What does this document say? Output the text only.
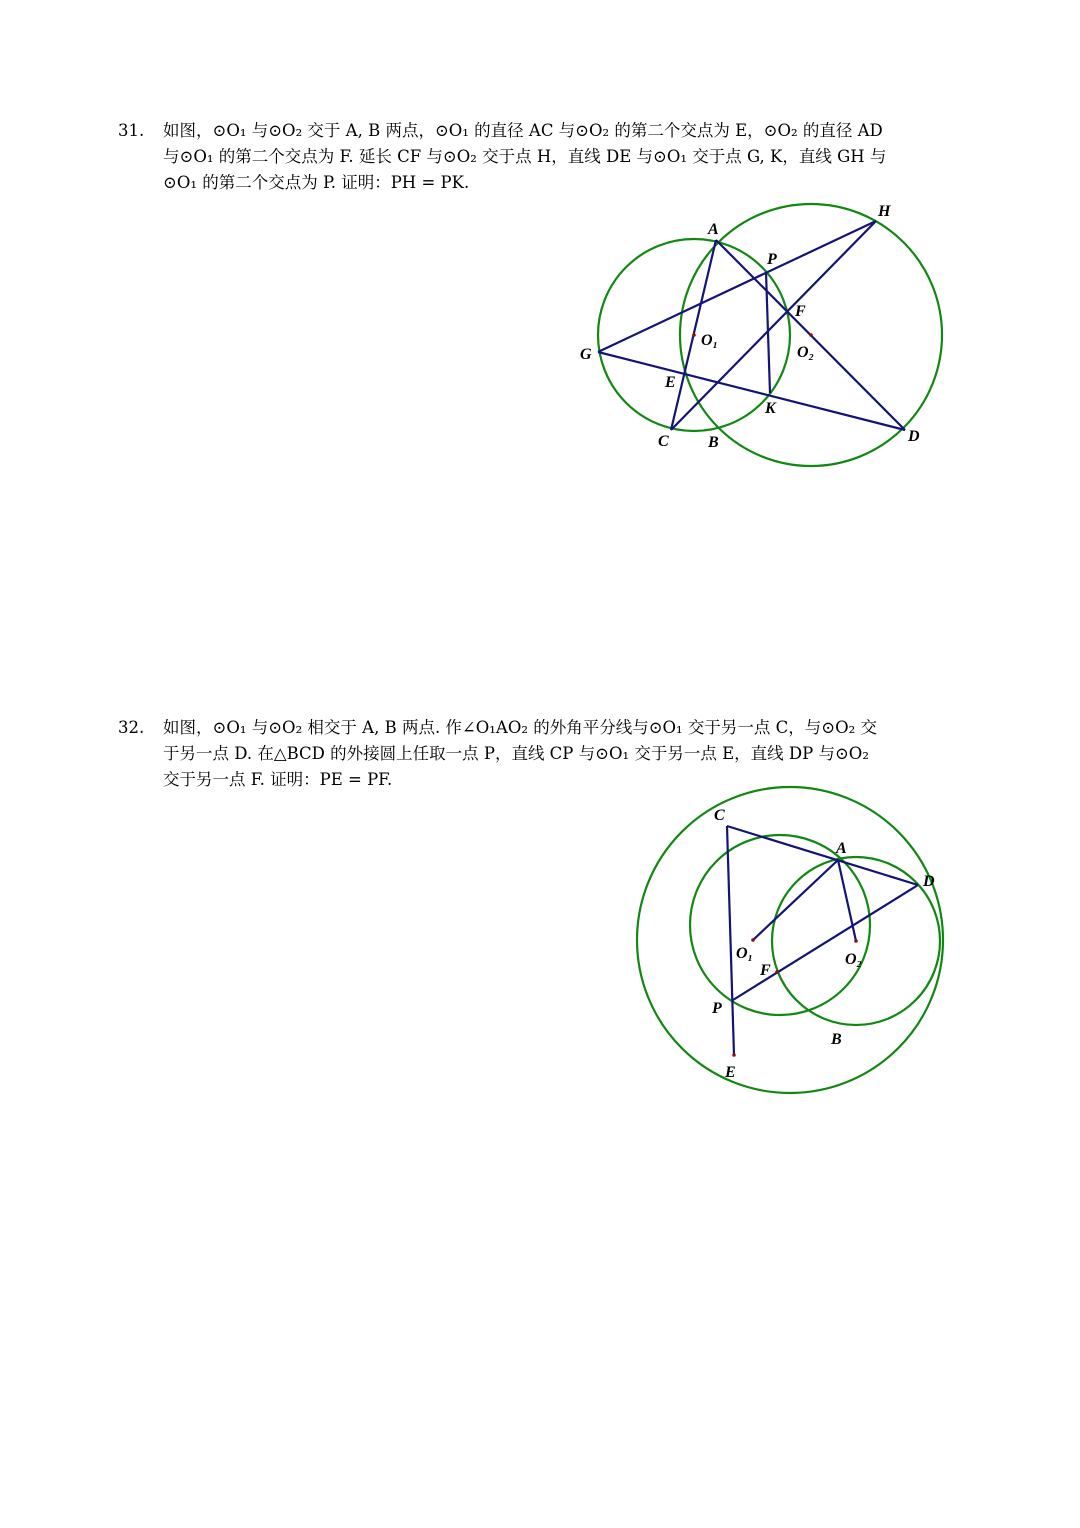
31. 如图，⊙O₁ 与⊙O₂ 交于 A, B 两点，⊙O₁ 的直径 AC 与⊙O₂ 的第二个交点为 E，⊙O₂ 的直径 AD
与⊙O₁ 的第二个交点为 F. 延长 CF 与⊙O₂ 交于点 H，直线 DE 与⊙O₁ 交于点 G, K，直线 GH 与
⊙O₁ 的第二个交点为 P. 证明：PH = PK.
A
P
H
F
O₁
O₂
G
E
K
C B	D
32. 如图，⊙O₁ 与⊙O₂ 相交于 A, B 两点. 作∠O₁AO₂ 的外角平分线与⊙O₁ 交于另一点 C，与⊙O₂ 交
于另一点 D. 在△BCD 的外接圆上任取一点 P，直线 CP 与⊙O₁ 交于另一点 E，直线 DP 与⊙O₂
交于另一点 F. 证明：PE = PF.
C
A
D
O₁	O₂
F
P
B
E
